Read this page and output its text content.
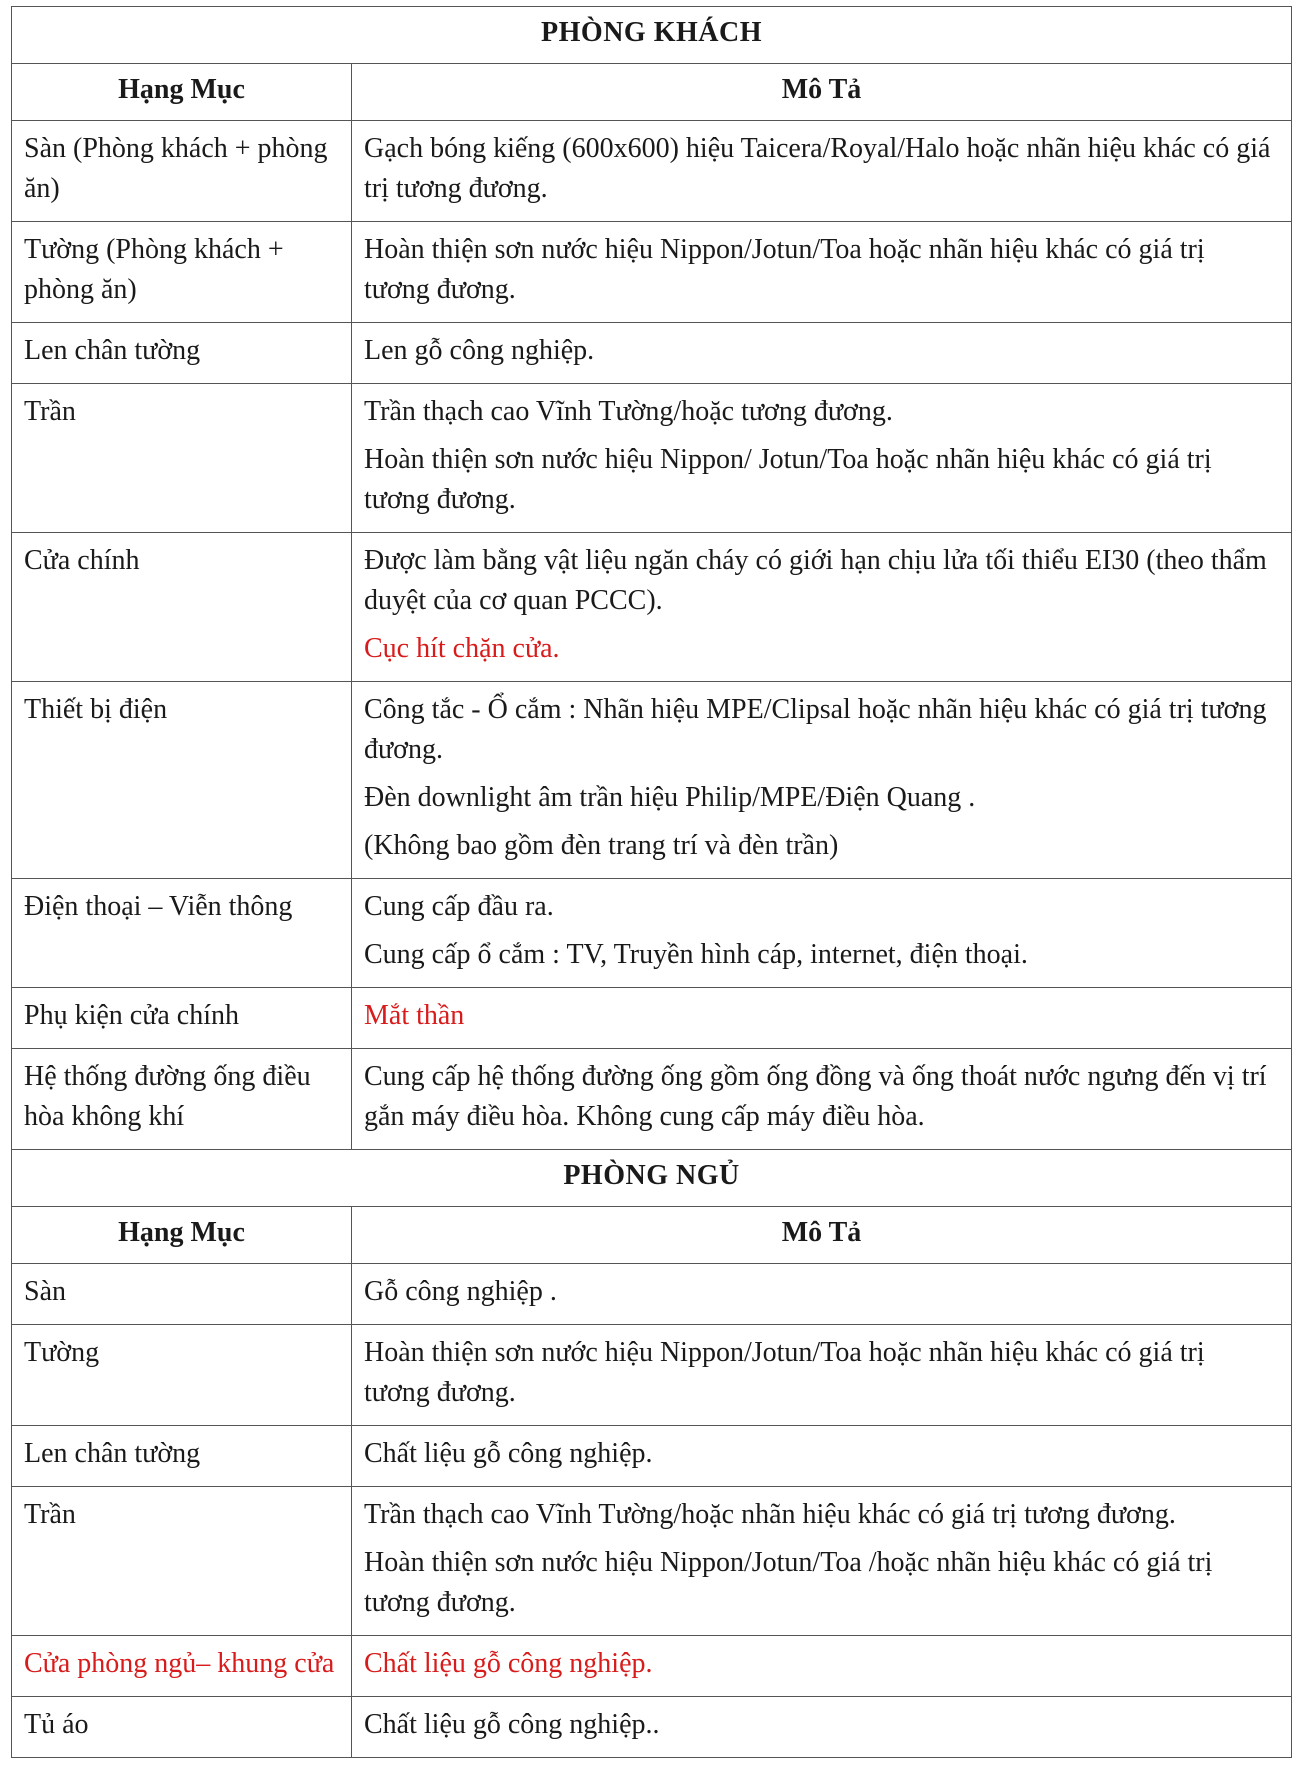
PHÒNG KHÁCH	
Hạng Mục	Mô Tả
Sàn (Phòng khách + phòng ăn)	Gạch bóng kiếng (600x600) hiệu Taicera/Royal/Halo hoặc nhãn hiệu khác có giá trị tương đương.

Tường (Phòng khách + phòng ăn)	Hoàn thiện sơn nước hiệu Nippon/Jotun/Toa hoặc nhãn hiệu khác có giá trị tương đương.

Len chân tường	Len gỗ công nghiệp.

Trần	Trần thạch cao Vĩnh Tường/hoặc tương đương.
Hoàn thiện sơn nước hiệu Nippon/ Jotun/Toa hoặc nhãn hiệu khác có giá trị tương đương.

Cửa chính	Được làm bằng vật liệu ngăn cháy có giới hạn chịu lửa tối thiểu EI30 (theo thẩm duyệt của cơ quan PCCC).
Cục hít chặn cửa.

Thiết bị điện	Công tắc - Ổ cắm : Nhãn hiệu MPE/Clipsal hoặc nhãn hiệu khác có giá trị tương đương.
Đèn downlight âm trần hiệu Philip/MPE/Điện Quang .
(Không bao gồm đèn trang trí và đèn trần)

Điện thoại – Viễn thông	Cung cấp đầu ra.
Cung cấp ổ cắm : TV, Truyền hình cáp, internet, điện thoại.

Phụ kiện cửa chính	Mắt thần

Hệ thống đường ống điều hòa không khí	Cung cấp hệ thống đường ống gồm ống đồng và ống thoát nước ngưng đến vị trí gắn máy điều hòa. Không cung cấp máy điều hòa.

PHÒNG NGỦ	
Hạng Mục	Mô Tả
Sàn	Gỗ công nghiệp .

Tường	Hoàn thiện sơn nước hiệu Nippon/Jotun/Toa hoặc nhãn hiệu khác có giá trị tương đương.

Len chân tường	Chất liệu gỗ công nghiệp.

Trần	Trần thạch cao Vĩnh Tường/hoặc nhãn hiệu khác có giá trị tương đương.
Hoàn thiện sơn nước hiệu Nippon/Jotun/Toa /hoặc nhãn hiệu khác có giá trị tương đương.

Cửa phòng ngủ– khung cửa	Chất liệu gỗ công nghiệp.

Tủ áo	Chất liệu gỗ công nghiệp..
